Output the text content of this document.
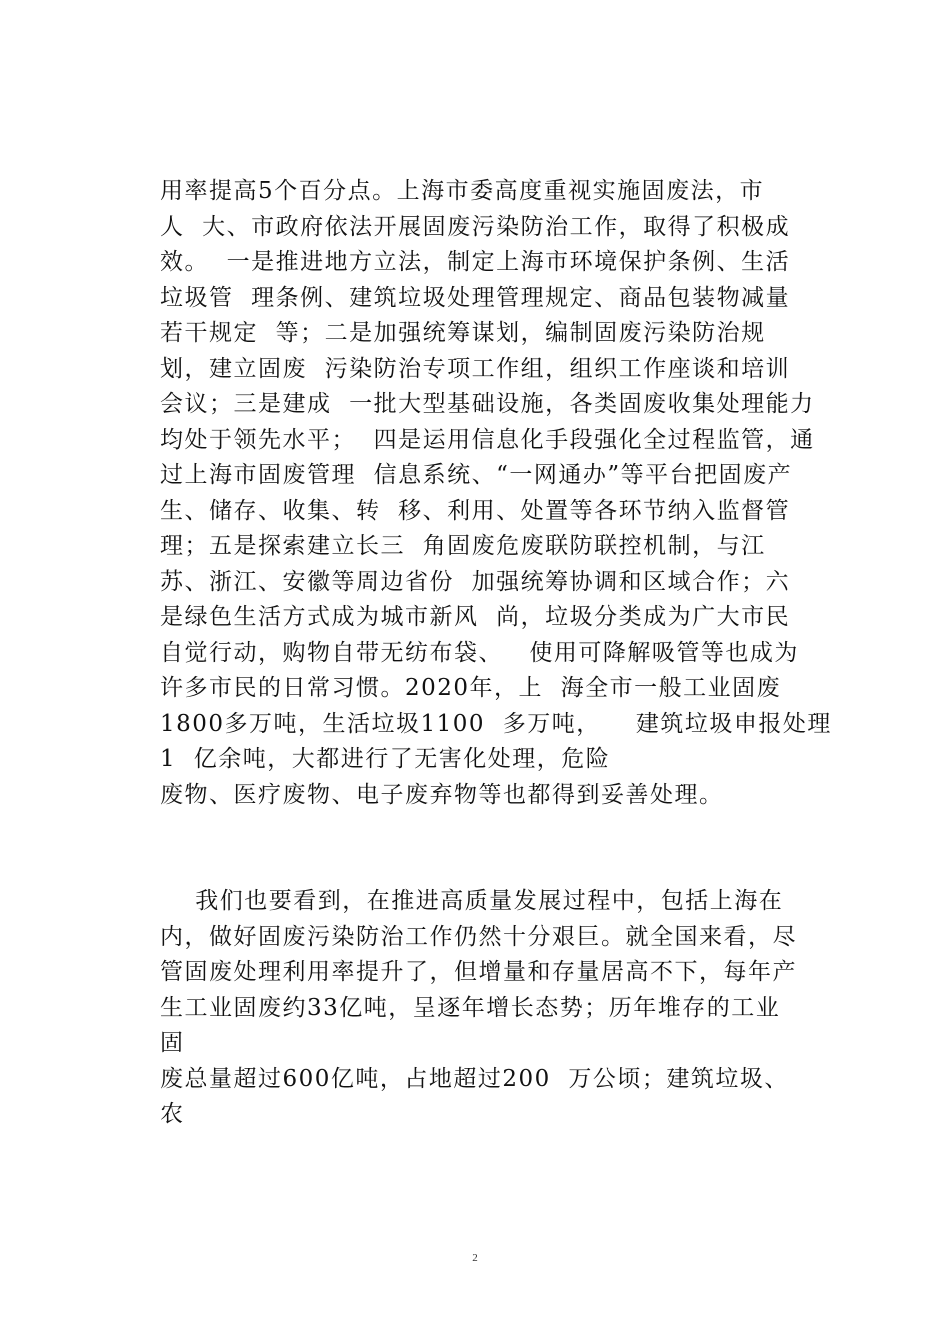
用率提高5个百分点。上海市委高度重视实施固废法，市
人  大、市政府依法开展固废污染防治工作，取得了积极成
效。  一是推进地方立法，制定上海市环境保护条例、生活
垃圾管  理条例、建筑垃圾处理管理规定、商品包装物减量
若干规定  等；二是加强统筹谋划，编制固废污染防治规
划，建立固废  污染防治专项工作组，组织工作座谈和培训
会议；三是建成  一批大型基础设施，各类固废收集处理能力
均处于领先水平；  四是运用信息化手段强化全过程监管，通
过上海市固废管理  信息系统、“一网通办”等平台把固废产
生、储存、收集、转  移、利用、处置等各环节纳入监督管
理；五是探索建立长三  角固废危废联防联控机制，与江
苏、浙江、安徽等周边省份  加强统筹协调和区域合作；六
是绿色生活方式成为城市新风  尚，垃圾分类成为广大市民
自觉行动，购物自带无纺布袋、   使用可降解吸管等也成为
许多市民的日常习惯。2020年，上  海全市一般工业固废
1800多万吨，生活垃圾1100  多万吨，    建筑垃圾申报处理
1  亿余吨，大都进行了无害化处理，危险
废物、医疗废物、电子废弃物等也都得到妥善处理。
我们也要看到，在推进高质量发展过程中，包括上海在
内，做好固废污染防治工作仍然十分艰巨。就全国来看，尽
管固废处理利用率提升了，但增量和存量居高不下，每年产
生工业固废约33亿吨，呈逐年增长态势；历年堆存的工业
固
废总量超过600亿吨，占地超过200  万公顷；建筑垃圾、
农
2
